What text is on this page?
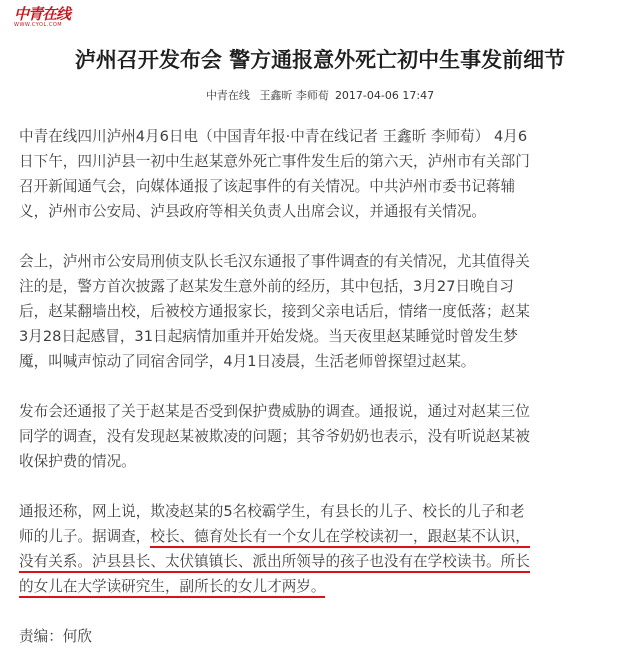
中青在线
WWW.CYOL.COM
泸州召开发布会 警方通报意外死亡初中生事发前细节
中青在线 王鑫昕 李师荀 2017-04-06 17:47
中青在线四川泸州4月6日电（中国青年报·中青在线记者 王鑫昕 李师荀） 4月6
日下午，四川泸县一初中生赵某意外死亡事件发生后的第六天，泸州市有关部门
召开新闻通气会，向媒体通报了该起事件的有关情况。中共泸州市委书记蒋辅
义，泸州市公安局、泸县政府等相关负责人出席会议，并通报有关情况。
会上，泸州市公安局刑侦支队长毛汉东通报了事件调查的有关情况，尤其值得关
注的是，警方首次披露了赵某发生意外前的经历，其中包括，3月27日晚自习
后，赵某翻墙出校，后被校方通报家长，接到父亲电话后，情绪一度低落；赵某
3月28日起感冒，31日起病情加重并开始发烧。当天夜里赵某睡觉时曾发生梦
魇，叫喊声惊动了同宿舍同学，4月1日凌晨，生活老师曾探望过赵某。
发布会还通报了关于赵某是否受到保护费威胁的调查。通报说，通过对赵某三位
同学的调查，没有发现赵某被欺凌的问题；其爷爷奶奶也表示，没有听说赵某被
收保护费的情况。
通报还称，网上说，欺凌赵某的5名校霸学生，有县长的儿子、校长的儿子和老
师的儿子。据调查，校长、德育处长有一个女儿在学校读初一，跟赵某不认识，
没有关系。泸县县长、太伏镇镇长、派出所领导的孩子也没有在学校读书。所长
的女儿在大学读研究生，副所长的女儿才两岁。

责编：何欣
